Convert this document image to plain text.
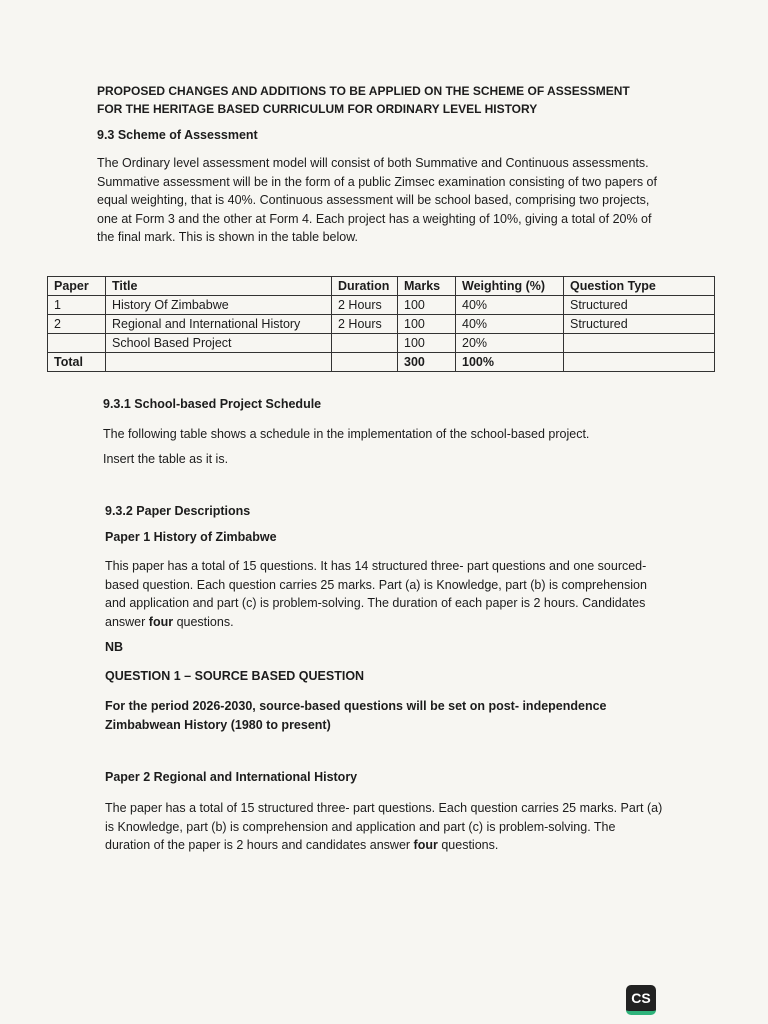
PROPOSED CHANGES AND ADDITIONS TO BE APPLIED ON THE SCHEME OF ASSESSMENT
FOR THE HERITAGE BASED CURRICULUM FOR ORDINARY LEVEL HISTORY
9.3 Scheme of Assessment
The Ordinary level assessment model will consist of both Summative and Continuous assessments. Summative assessment will be in the form of a public Zimsec examination consisting of two papers of equal weighting, that is 40%. Continuous assessment will be school based, comprising two projects, one at Form 3 and the other at Form 4. Each project has a weighting of 10%, giving a total of 20% of the final mark. This is shown in the table below.
Paper	Title	Duration	Marks	Weighting (%)	Question Type
1	History Of Zimbabwe	2 Hours	100	40%	Structured
2	Regional and International History	2 Hours	100	40%	Structured
	School Based Project		100	20%	
Total			300	100%	
9.3.1 School-based Project Schedule
The following table shows a schedule in the implementation of the school-based project.
Insert the table as it is.
9.3.2 Paper Descriptions
Paper 1 History of Zimbabwe
This paper has a total of 15 questions. It has 14 structured three- part questions and one sourced-based question. Each question carries 25 marks. Part (a) is Knowledge, part (b) is comprehension and application and part (c) is problem-solving. The duration of each paper is 2 hours. Candidates answer four questions.
NB
QUESTION 1 – SOURCE BASED QUESTION
For the period 2026-2030, source-based questions will be set on post- independence Zimbabwean History (1980 to present)
Paper 2 Regional and International History
The paper has a total of 15 structured three- part questions. Each question carries 25 marks. Part (a) is Knowledge, part (b) is comprehension and application and part (c) is problem-solving. The duration of the paper is 2 hours and candidates answer four questions.
CS
